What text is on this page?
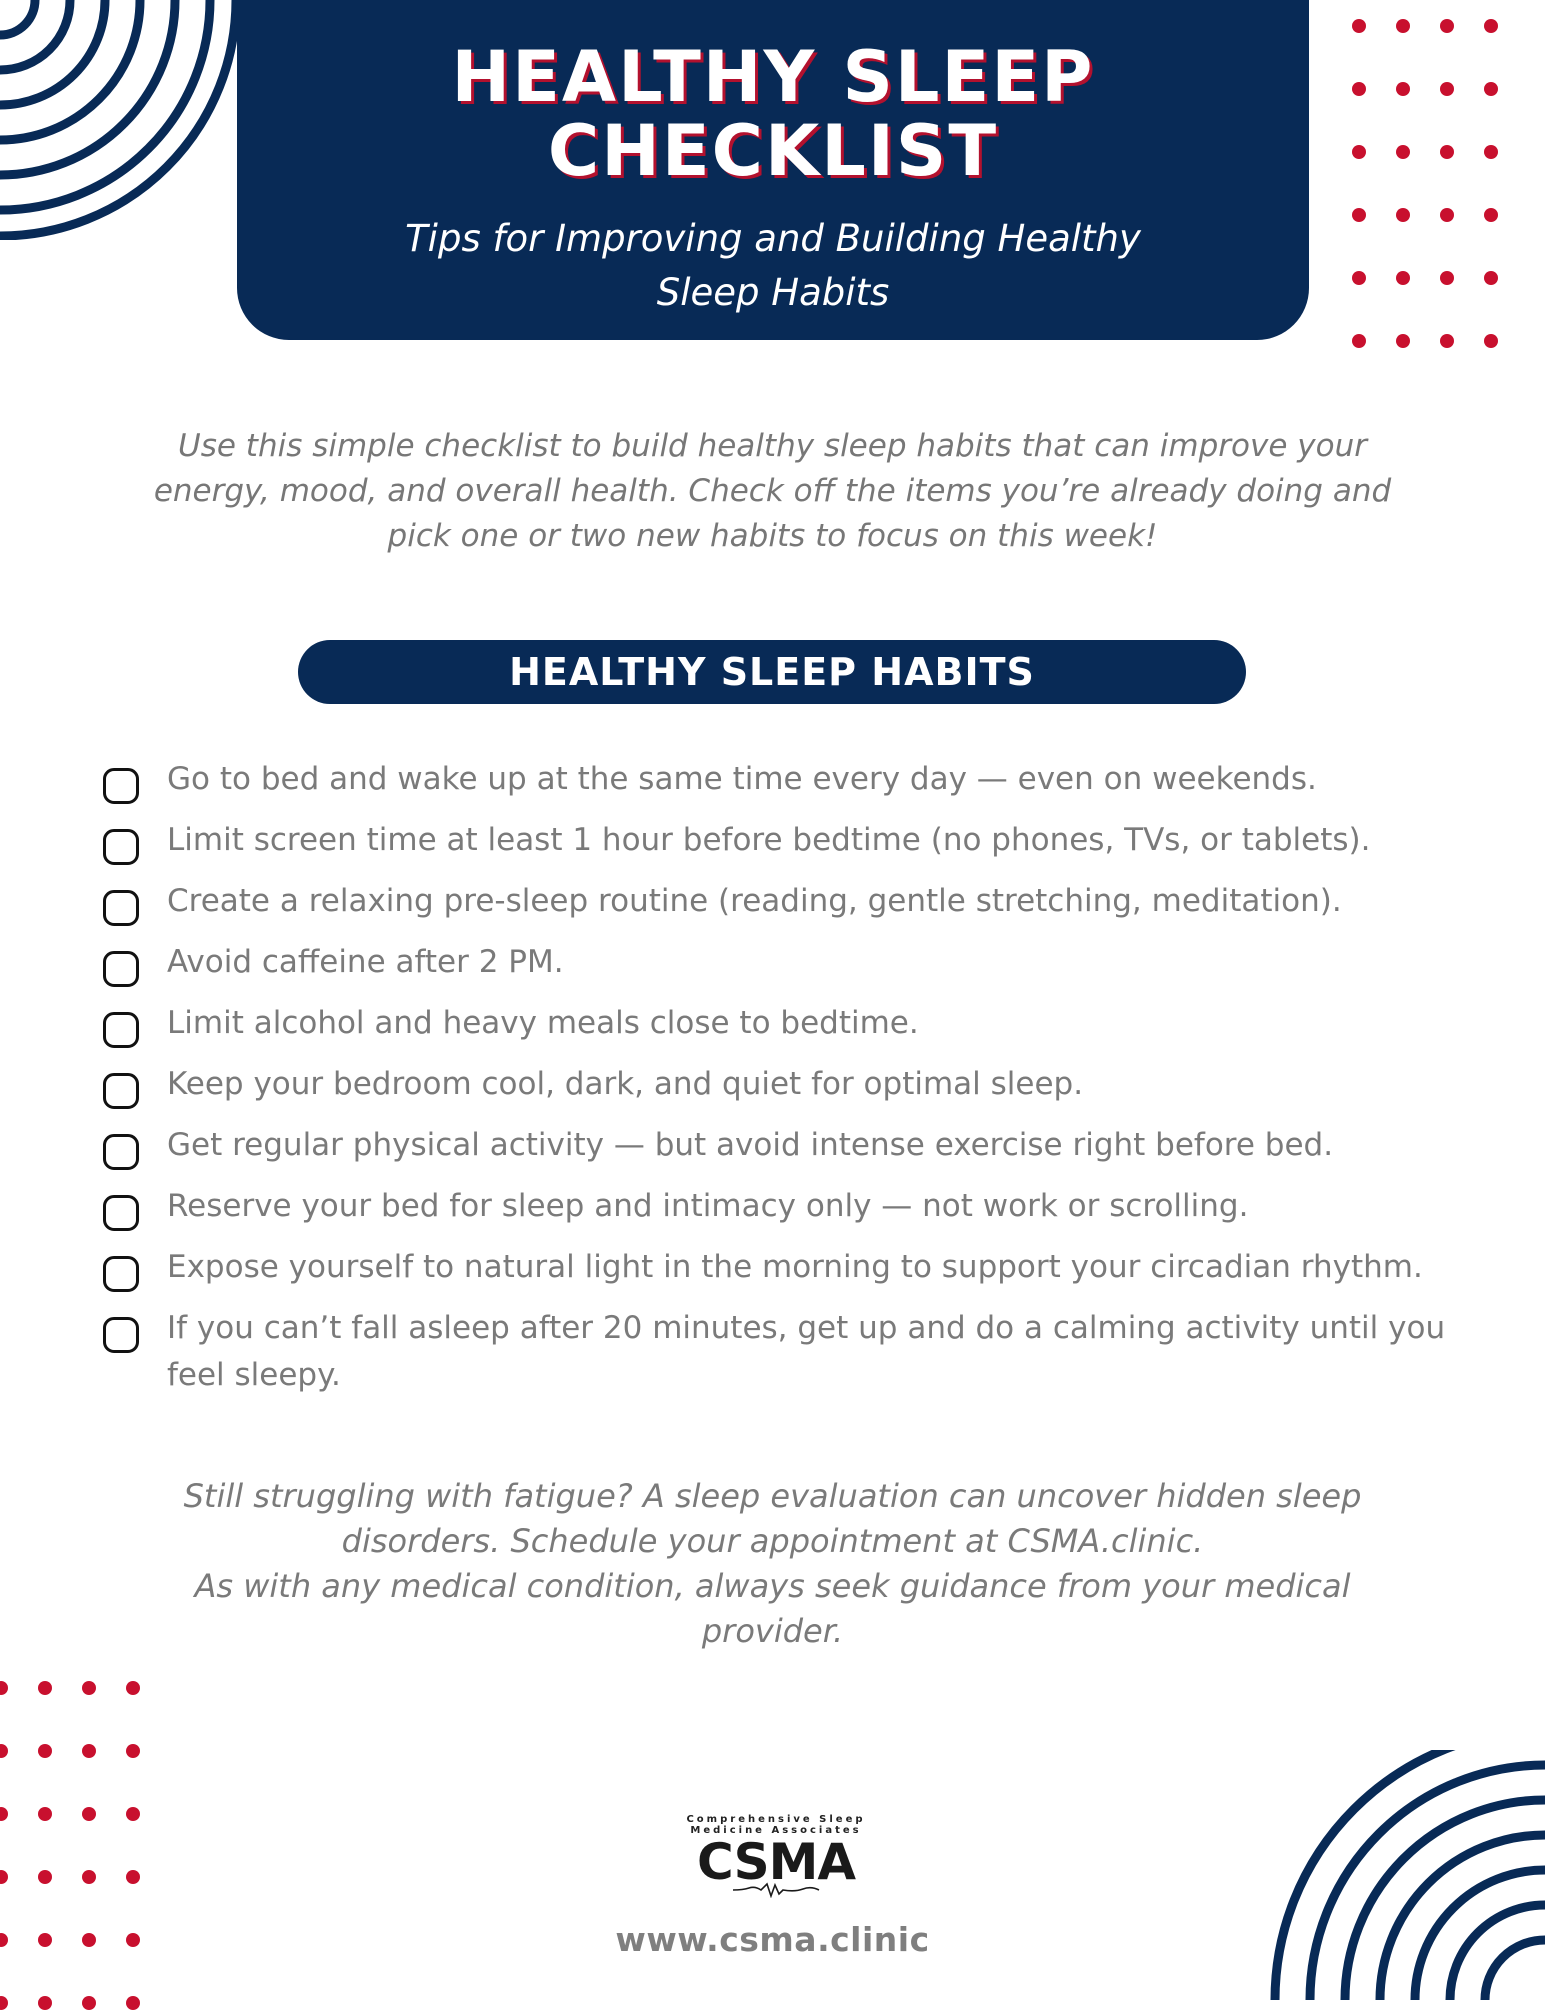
HEALTHY SLEEP
CHECKLIST
Tips for Improving and Building Healthy Sleep Habits
Use this simple checklist to build healthy sleep habits that can improve your energy, mood, and overall health. Check off the items you’re already doing and pick one or two new habits to focus on this week!
HEALTHY SLEEP HABITS
Go to bed and wake up at the same time every day — even on weekends.
Limit screen time at least 1 hour before bedtime (no phones, TVs, or tablets).
Create a relaxing pre-sleep routine (reading, gentle stretching, meditation).
Avoid caffeine after 2 PM.
Limit alcohol and heavy meals close to bedtime.
Keep your bedroom cool, dark, and quiet for optimal sleep.
Get regular physical activity — but avoid intense exercise right before bed.
Reserve your bed for sleep and intimacy only — not work or scrolling.
Expose yourself to natural light in the morning to support your circadian rhythm.
If you can’t fall asleep after 20 minutes, get up and do a calming activity until you feel sleepy.
Still struggling with fatigue? A sleep evaluation can uncover hidden sleep disorders. Schedule your appointment at CSMA.clinic.
As with any medical condition, always seek guidance from your medical provider.
Comprehensive Sleep
Medicine Associates
CSMA
www.csma.clinic
